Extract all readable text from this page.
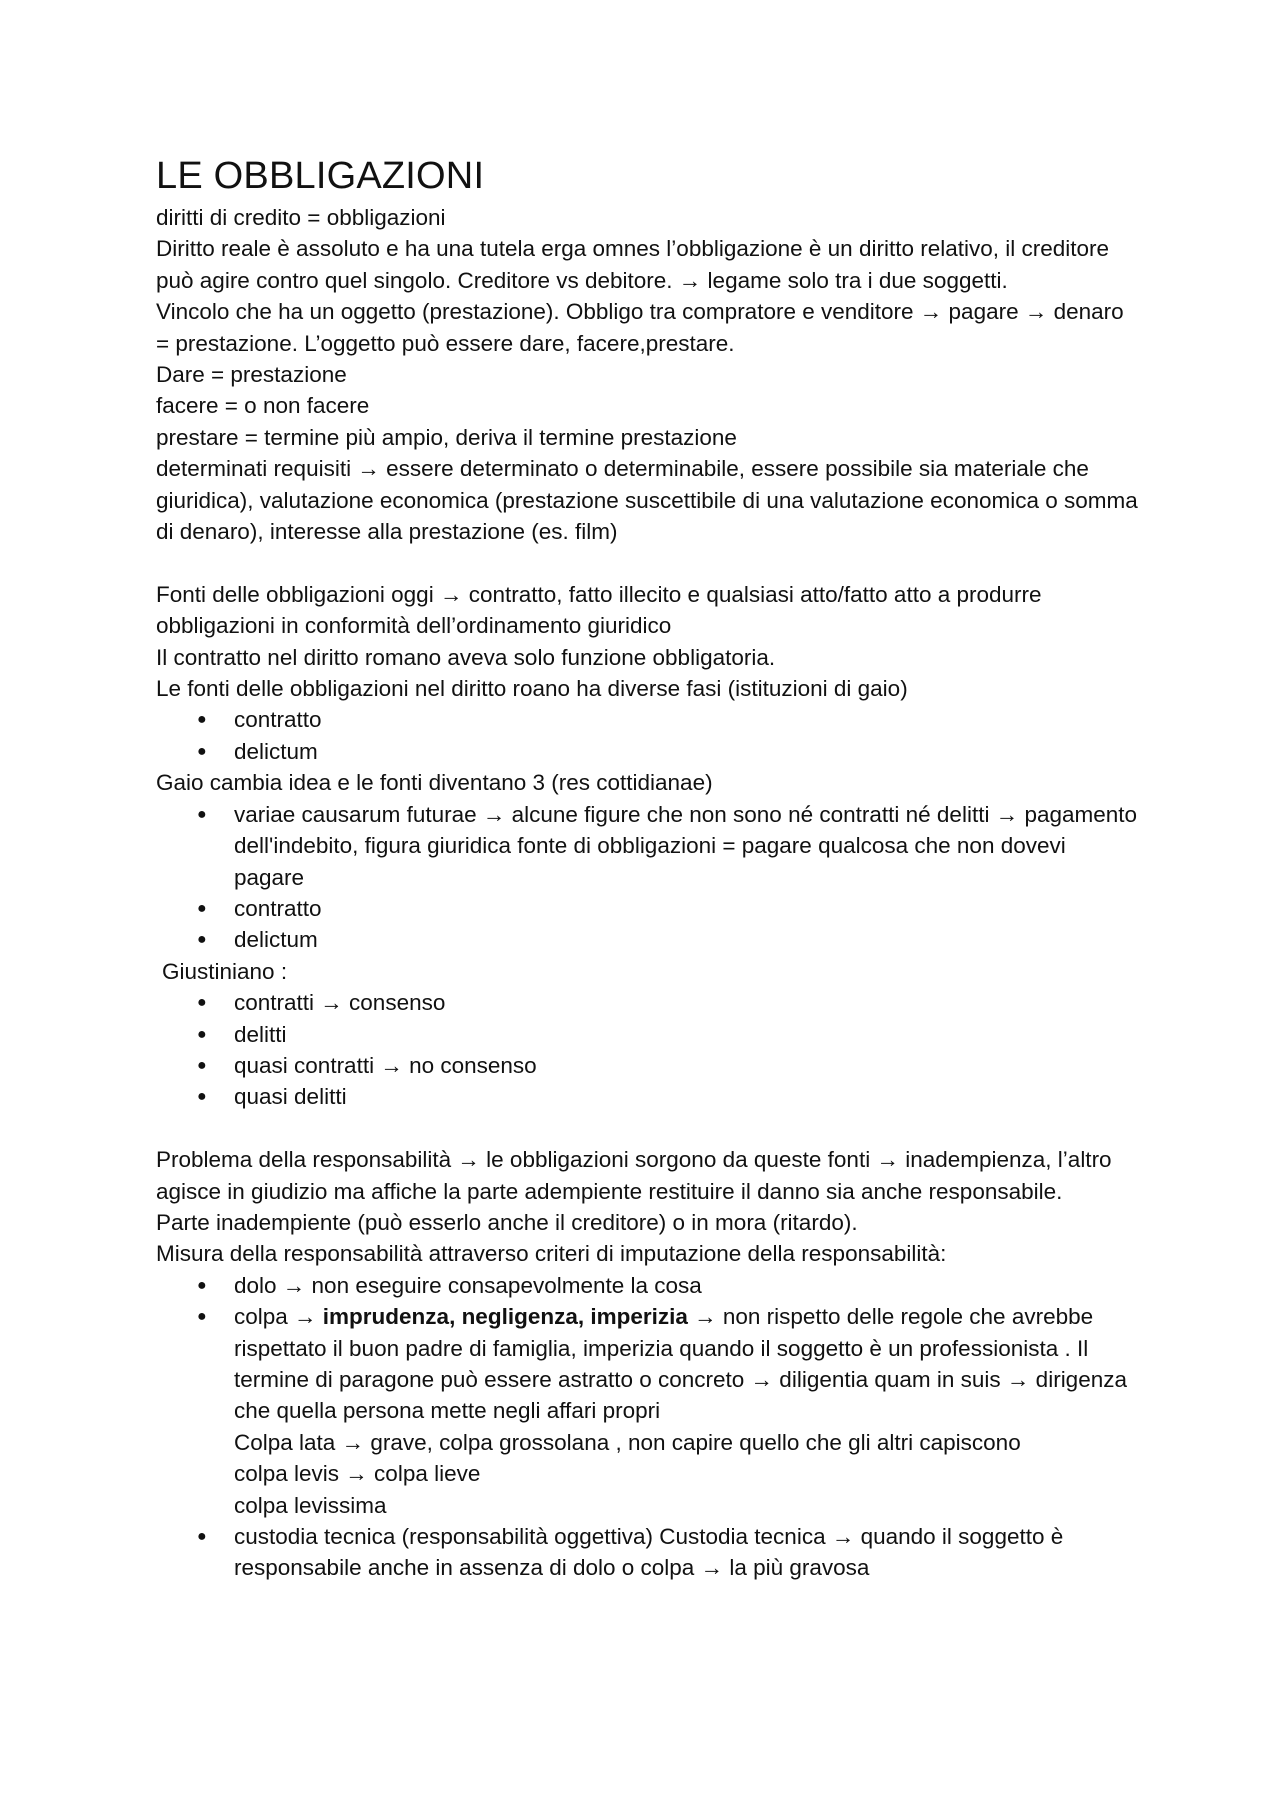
LE OBBLIGAZIONI

diritti di credito = obbligazioni

Diritto reale è assoluto e ha una tutela erga omnes l’obbligazione è un diritto relativo, il creditore può agire contro quel singolo. Creditore vs debitore. → legame solo tra i due soggetti.

Vincolo che ha un oggetto (prestazione). Obbligo tra compratore e venditore → pagare → denaro = prestazione. L’oggetto può essere dare, facere,prestare.

Dare = prestazione

facere = o non facere

prestare = termine più ampio, deriva il termine prestazione

determinati requisiti → essere determinato o determinabile, essere possibile sia materiale che giuridica), valutazione economica (prestazione suscettibile di una valutazione economica o somma di denaro), interesse alla prestazione (es. film)

Fonti delle obbligazioni oggi → contratto, fatto illecito e qualsiasi atto/fatto atto a produrre obbligazioni in conformità dell’ordinamento giuridico

Il contratto nel diritto romano aveva solo funzione obbligatoria.

Le fonti delle obbligazioni nel diritto roano ha diverse fasi (istituzioni di gaio)

● contratto
● delictum

Gaio cambia idea e le fonti diventano 3 (res cottidianae)

● variae causarum futurae → alcune figure che non sono né contratti né delitti → pagamento dell'indebito, figura giuridica fonte di obbligazioni = pagare qualcosa che non dovevi pagare
● contratto
● delictum

Giustiniano :

● contratti → consenso
● delitti
● quasi contratti → no consenso
● quasi delitti

Problema della responsabilità → le obbligazioni sorgono da queste fonti → inadempienza, l’altro agisce in giudizio ma affiche la parte adempiente restituire il danno sia anche responsabile.

Parte inadempiente (può esserlo anche il creditore) o in mora (ritardo).

Misura della responsabilità attraverso criteri di imputazione della responsabilità:

● dolo → non eseguire consapevolmente la cosa
● colpa → imprudenza, negligenza, imperizia → non rispetto delle regole che avrebbe rispettato il buon padre di famiglia, imperizia quando il soggetto è un professionista . Il termine di paragone può essere astratto o concreto → diligentia quam in suis → dirigenza che quella persona mette negli affari propri
Colpa lata → grave, colpa grossolana , non capire quello che gli altri capiscono
colpa levis → colpa lieve
colpa levissima
● custodia tecnica (responsabilità oggettiva) Custodia tecnica → quando il soggetto è responsabile anche in assenza di dolo o colpa → la più gravosa
